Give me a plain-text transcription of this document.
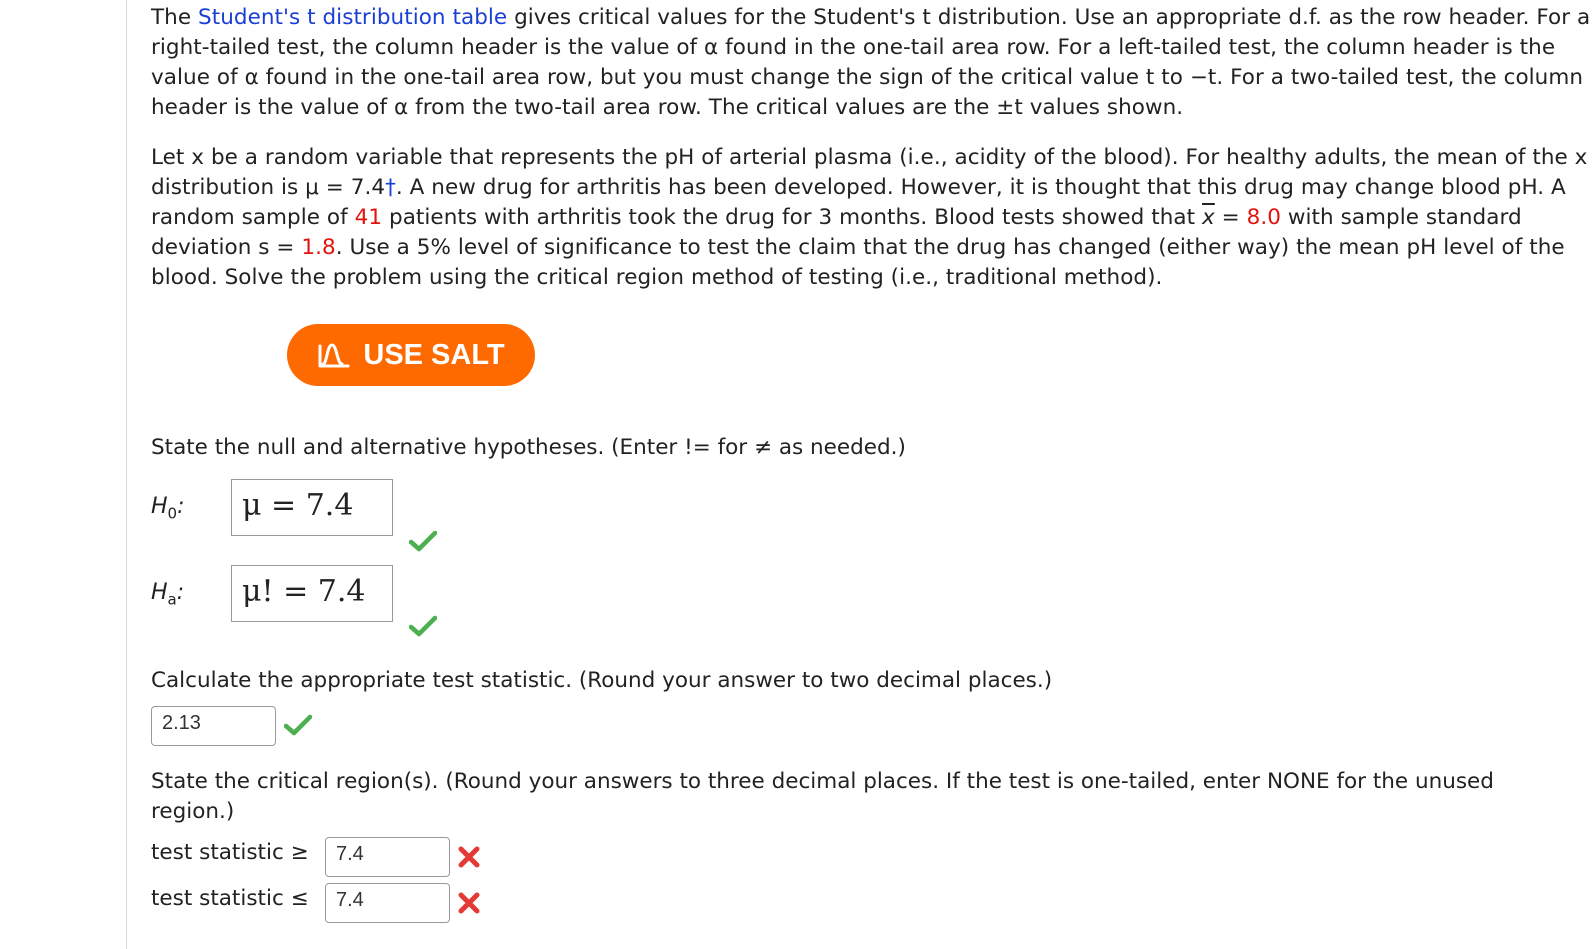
The Student's t distribution table gives critical values for the Student's t distribution. Use an appropriate d.f. as the row header. For a right-tailed test, the column header is the value of α found in the one-tail area row. For a left-tailed test, the column header is the value of α found in the one-tail area row, but you must change the sign of the critical value t to −t. For a two-tailed test, the column header is the value of α from the two-tail area row. The critical values are the ±t values shown.

Let x be a random variable that represents the pH of arterial plasma (i.e., acidity of the blood). For healthy adults, the mean of the x distribution is μ = 7.4†. A new drug for arthritis has been developed. However, it is thought that this drug may change blood pH. A random sample of 41 patients with arthritis took the drug for 3 months. Blood tests showed that $\overline{x} = 8.0$ with sample standard deviation s = 1.8. Use a 5% level of significance to test the claim that the drug has changed (either way) the mean pH level of the blood. Solve the problem using the critical region method of testing (i.e., traditional method).

USE SALT

State the null and alternative hypotheses. (Enter != for ≠ as needed.)

$H_0$:	μ = 7.4
$H_a$:	μ! = 7.4

Calculate the appropriate test statistic. (Round your answer to two decimal places.)

2.13

State the critical region(s). (Round your answers to three decimal places. If the test is one-tailed, enter NONE for the unused region.)

test statistic ≥	7.4
test statistic ≤	7.4
